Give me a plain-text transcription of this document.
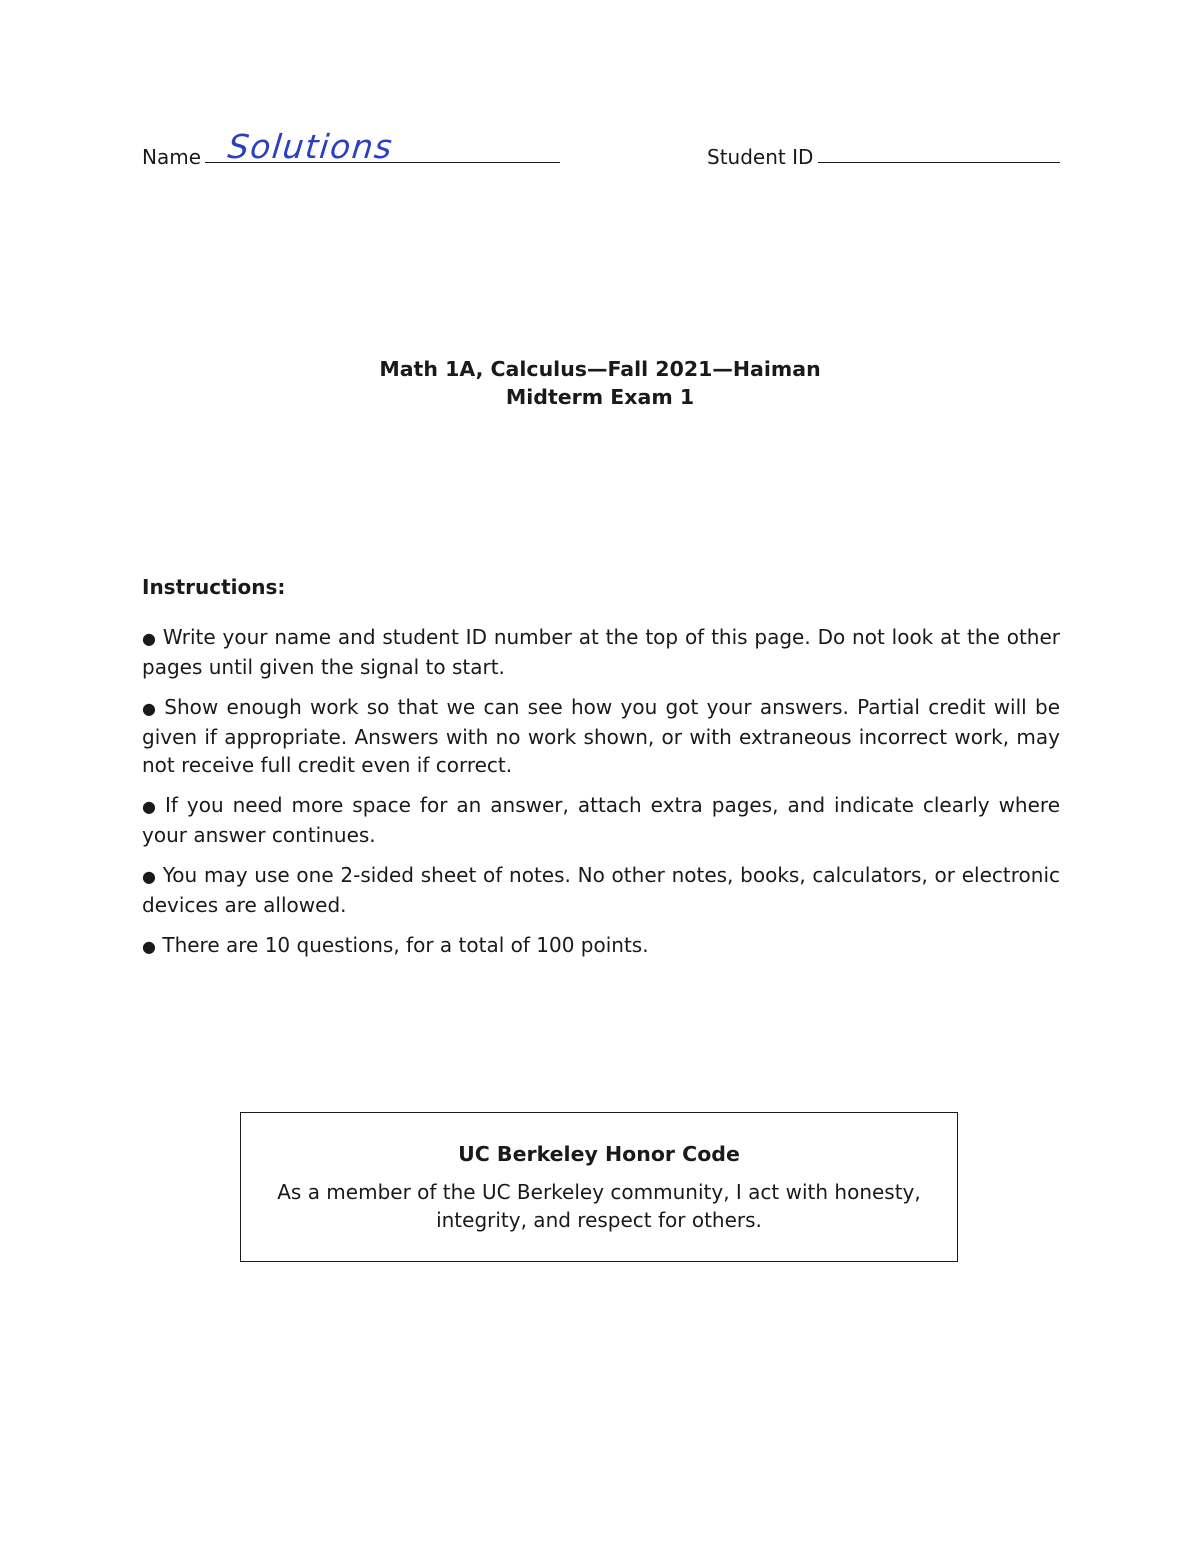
Name Solutions	Student ID
Math 1A, Calculus—Fall 2021—Haiman
Midterm Exam 1
Instructions:
● Write your name and student ID number at the top of this page. Do not look at the other pages until given the signal to start.
● Show enough work so that we can see how you got your answers. Partial credit will be given if appropriate. Answers with no work shown, or with extraneous incorrect work, may not receive full credit even if correct.
● If you need more space for an answer, attach extra pages, and indicate clearly where your answer continues.
● You may use one 2-sided sheet of notes. No other notes, books, calculators, or electronic devices are allowed.
● There are 10 questions, for a total of 100 points.
UC Berkeley Honor Code
As a member of the UC Berkeley community, I act with honesty, integrity, and respect for others.
